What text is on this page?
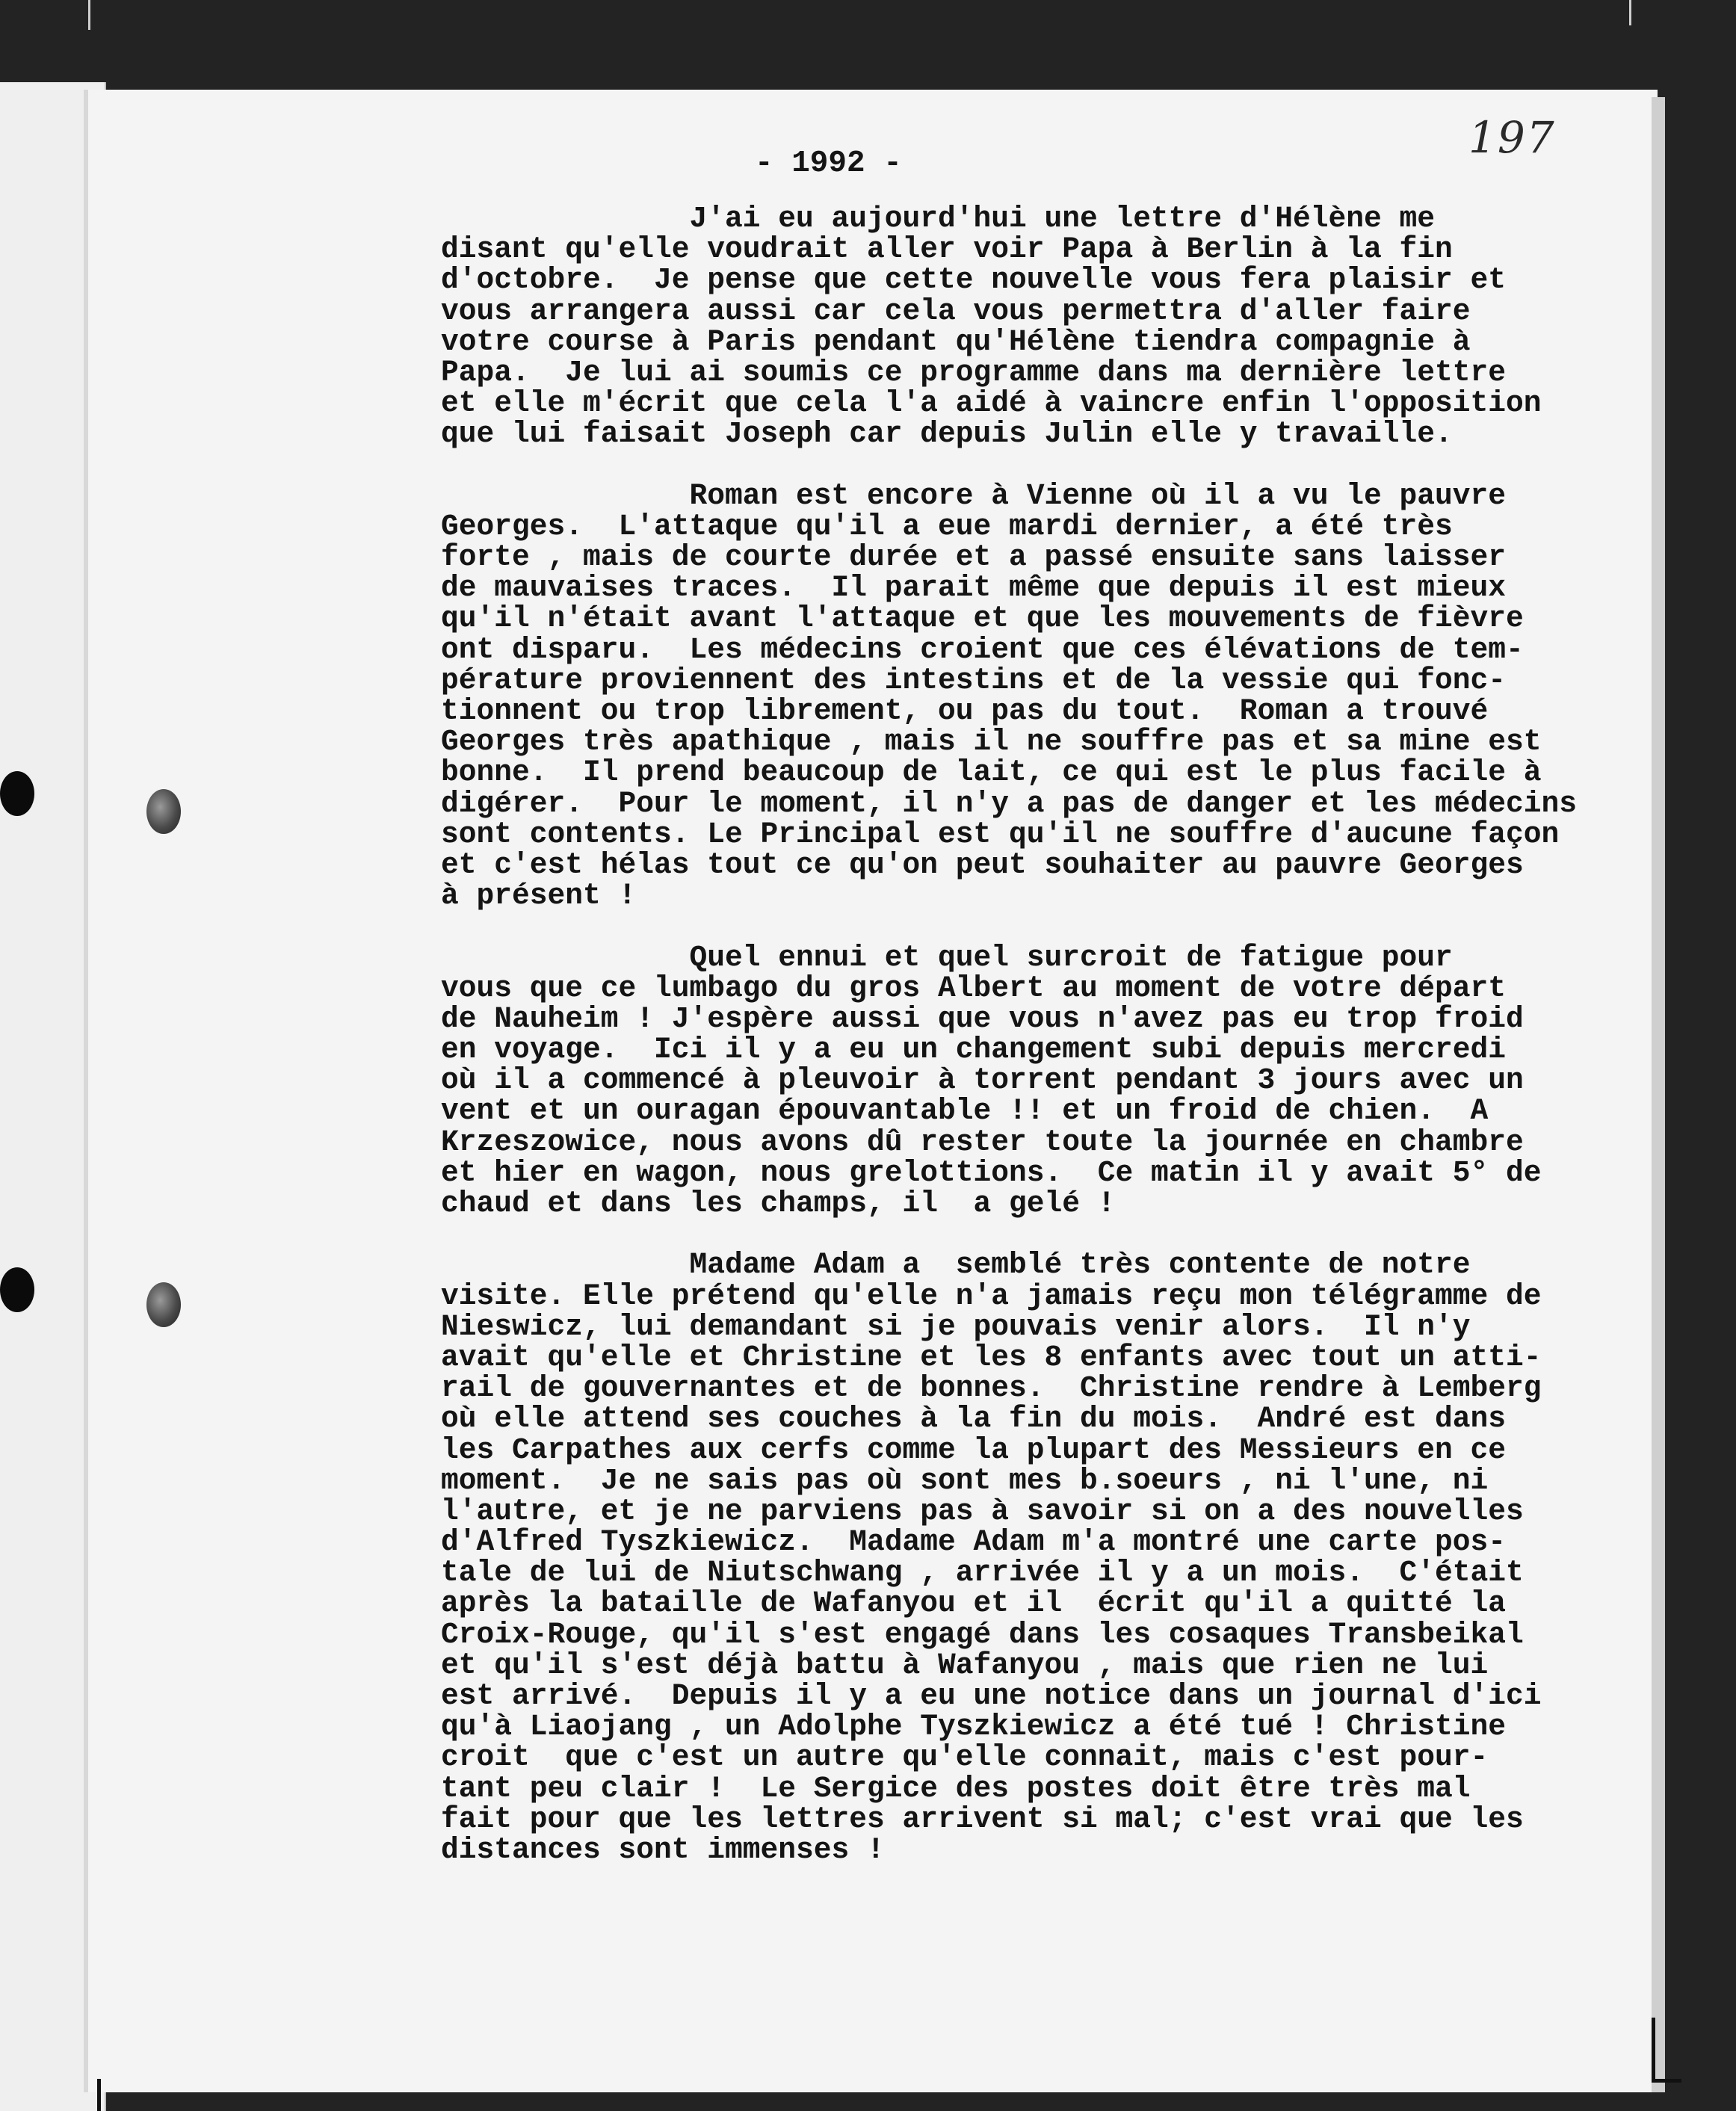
197
- 1992 -
J'ai eu aujourd'hui une lettre d'Hélène me
disant qu'elle voudrait aller voir Papa à Berlin à la fin
d'octobre.  Je pense que cette nouvelle vous fera plaisir et
vous arrangera aussi car cela vous permettra d'aller faire
votre course à Paris pendant qu'Hélène tiendra compagnie à
Papa.  Je lui ai soumis ce programme dans ma dernière lettre
et elle m'écrit que cela l'a aidé à vaincre enfin l'opposition
que lui faisait Joseph car depuis Julin elle y travaille.
Roman est encore à Vienne où il a vu le pauvre
Georges.  L'attaque qu'il a eue mardi dernier, a été très
forte , mais de courte durée et a passé ensuite sans laisser
de mauvaises traces.  Il parait même que depuis il est mieux
qu'il n'était avant l'attaque et que les mouvements de fièvre
ont disparu.  Les médecins croient que ces élévations de tem-
pérature proviennent des intestins et de la vessie qui fonc-
tionnent ou trop librement, ou pas du tout.  Roman a trouvé
Georges très apathique , mais il ne souffre pas et sa mine est
bonne.  Il prend beaucoup de lait, ce qui est le plus facile à
digérer.  Pour le moment, il n'y a pas de danger et les médecins
sont contents. Le Principal est qu'il ne souffre d'aucune façon
et c'est hélas tout ce qu'on peut souhaiter au pauvre Georges
à présent !
Quel ennui et quel surcroit de fatigue pour
vous que ce lumbago du gros Albert au moment de votre départ
de Nauheim ! J'espère aussi que vous n'avez pas eu trop froid
en voyage.  Ici il y a eu un changement subi depuis mercredi
où il a commencé à pleuvoir à torrent pendant 3 jours avec un
vent et un ouragan épouvantable !! et un froid de chien.  A
Krzeszowice, nous avons dû rester toute la journée en chambre
et hier en wagon, nous grelottions.  Ce matin il y avait 5° de
chaud et dans les champs, il  a gelé !
Madame Adam a  semblé très contente de notre
visite. Elle prétend qu'elle n'a jamais reçu mon télégramme de
Nieswicz, lui demandant si je pouvais venir alors.  Il n'y
avait qu'elle et Christine et les 8 enfants avec tout un atti-
rail de gouvernantes et de bonnes.  Christine rendre à Lemberg
où elle attend ses couches à la fin du mois.  André est dans
les Carpathes aux cerfs comme la plupart des Messieurs en ce
moment.  Je ne sais pas où sont mes b.soeurs , ni l'une, ni
l'autre, et je ne parviens pas à savoir si on a des nouvelles
d'Alfred Tyszkiewicz.  Madame Adam m'a montré une carte pos-
tale de lui de Niutschwang , arrivée il y a un mois.  C'était
après la bataille de Wafanyou et il  écrit qu'il a quitté la
Croix-Rouge, qu'il s'est engagé dans les cosaques Transbeikal
et qu'il s'est déjà battu à Wafanyou , mais que rien ne lui
est arrivé.  Depuis il y a eu une notice dans un journal d'ici
qu'à Liaojang , un Adolphe Tyszkiewicz a été tué ! Christine
croit  que c'est un autre qu'elle connait, mais c'est pour-
tant peu clair !  Le Sergice des postes doit être très mal
fait pour que les lettres arrivent si mal; c'est vrai que les
distances sont immenses !
